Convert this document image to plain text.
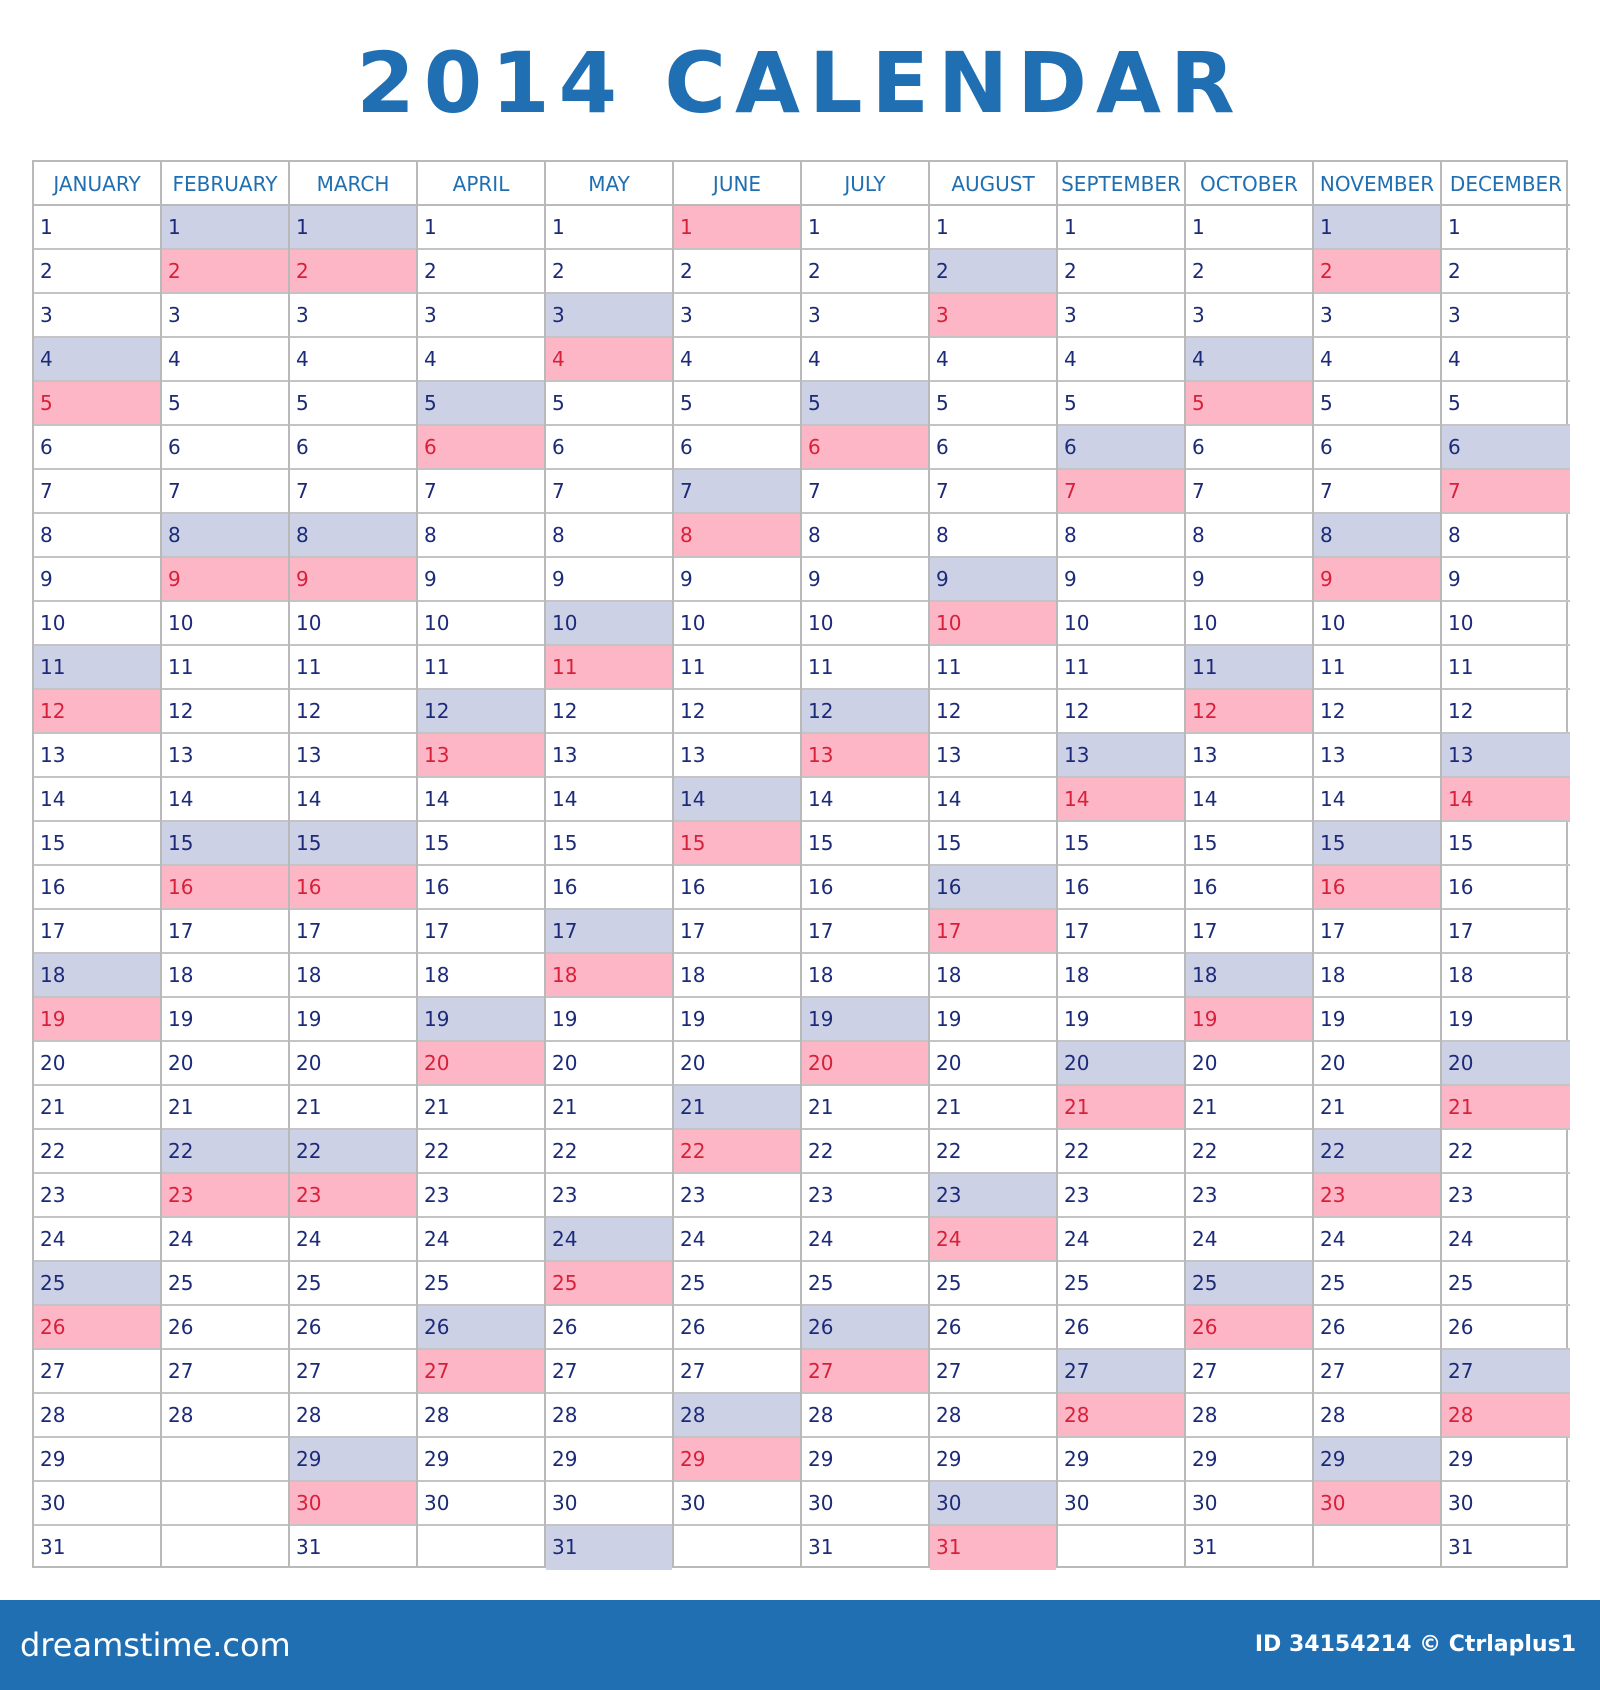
2014 CALENDAR
JANUARY
1
2
3
4
5
6
7
8
9
10
11
12
13
14
15
16
17
18
19
20
21
22
23
24
25
26
27
28
29
30
31
FEBRUARY
1
2
3
4
5
6
7
8
9
10
11
12
13
14
15
16
17
18
19
20
21
22
23
24
25
26
27
28
MARCH
1
2
3
4
5
6
7
8
9
10
11
12
13
14
15
16
17
18
19
20
21
22
23
24
25
26
27
28
29
30
31
APRIL
1
2
3
4
5
6
7
8
9
10
11
12
13
14
15
16
17
18
19
20
21
22
23
24
25
26
27
28
29
30
MAY
1
2
3
4
5
6
7
8
9
10
11
12
13
14
15
16
17
18
19
20
21
22
23
24
25
26
27
28
29
30
31
JUNE
1
2
3
4
5
6
7
8
9
10
11
12
13
14
15
16
17
18
19
20
21
22
23
24
25
26
27
28
29
30
JULY
1
2
3
4
5
6
7
8
9
10
11
12
13
14
15
16
17
18
19
20
21
22
23
24
25
26
27
28
29
30
31
AUGUST
1
2
3
4
5
6
7
8
9
10
11
12
13
14
15
16
17
18
19
20
21
22
23
24
25
26
27
28
29
30
31
SEPTEMBER
1
2
3
4
5
6
7
8
9
10
11
12
13
14
15
16
17
18
19
20
21
22
23
24
25
26
27
28
29
30
OCTOBER
1
2
3
4
5
6
7
8
9
10
11
12
13
14
15
16
17
18
19
20
21
22
23
24
25
26
27
28
29
30
31
NOVEMBER
1
2
3
4
5
6
7
8
9
10
11
12
13
14
15
16
17
18
19
20
21
22
23
24
25
26
27
28
29
30
DECEMBER
1
2
3
4
5
6
7
8
9
10
11
12
13
14
15
16
17
18
19
20
21
22
23
24
25
26
27
28
29
30
31
dreamstime.com	ID 34154214 © Ctrlaplus1
